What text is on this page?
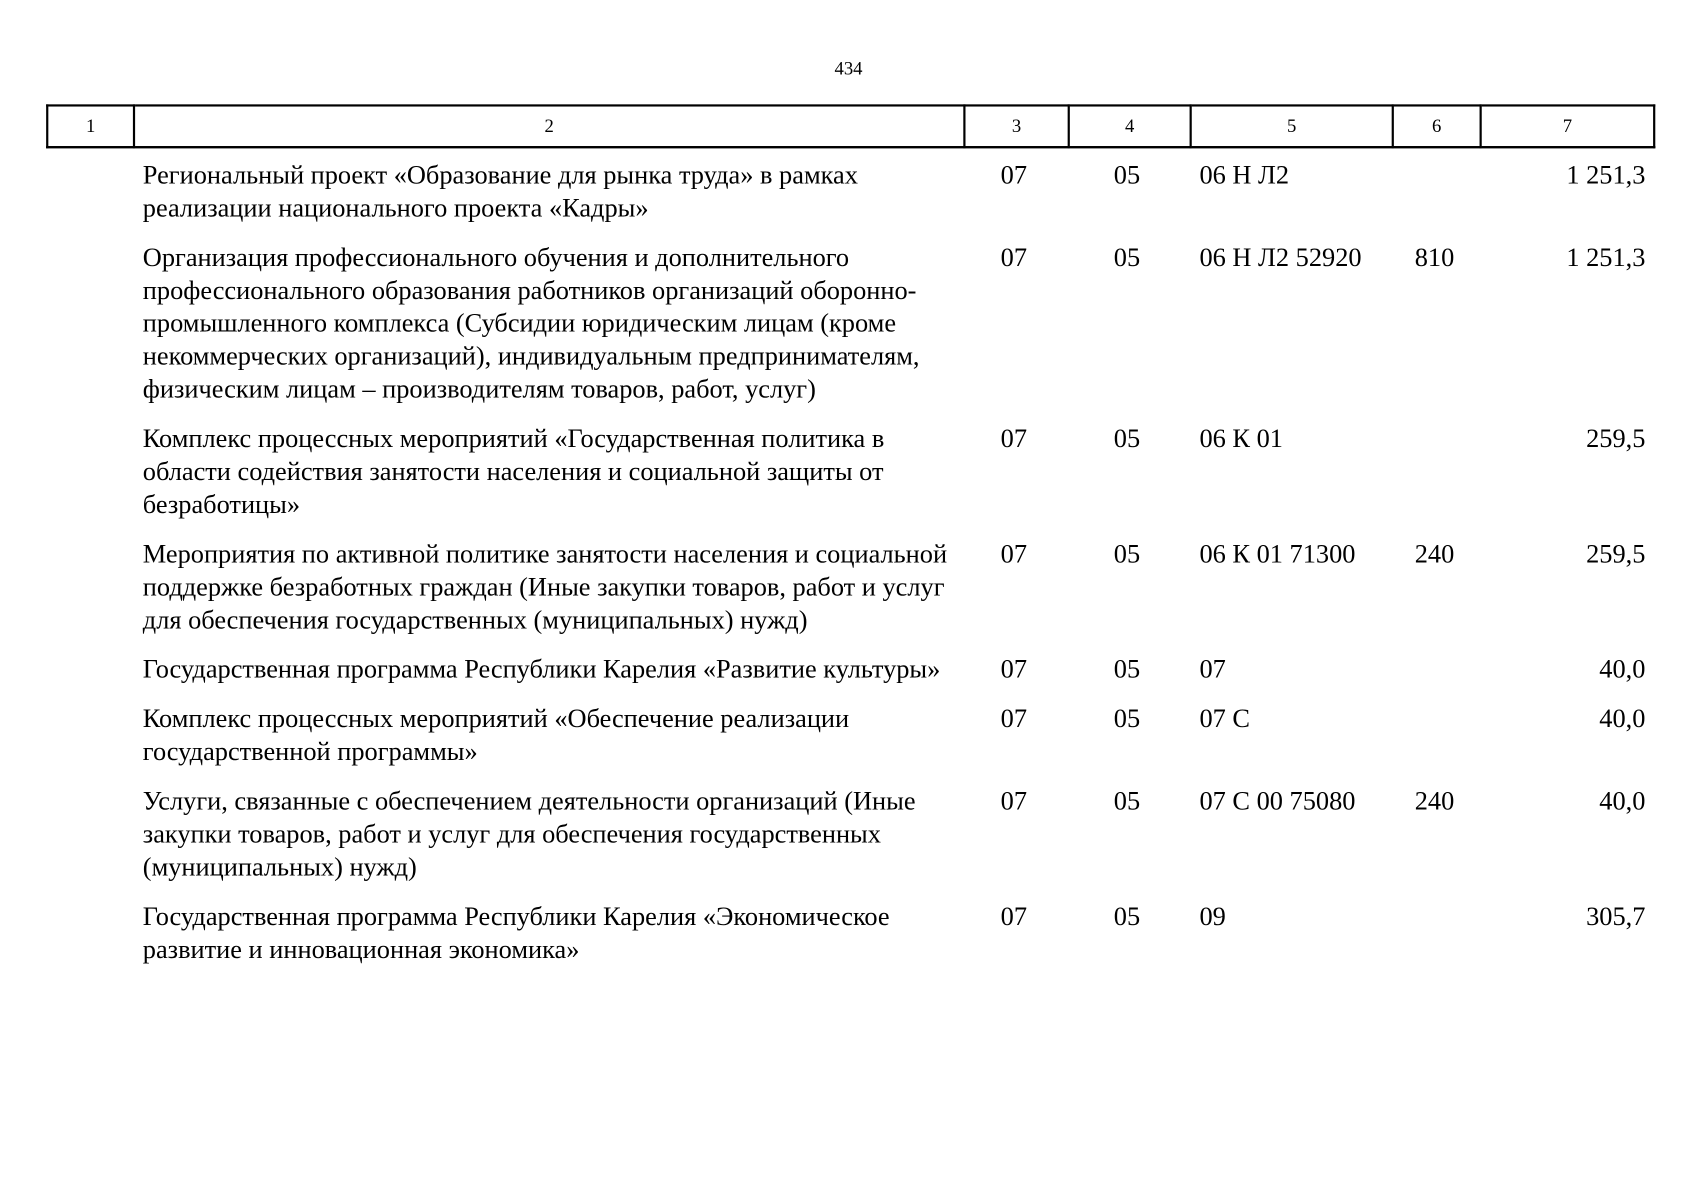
434
1	2	3	4	5	6	7
	Региональный проект «Образование для рынка труда» в рамках реализации национального проекта «Кадры»	07	05	06 Н Л2		1 251,3
	Организация профессионального обучения и дополнительного профессионального образования работников организаций оборонно-промышленного комплекса (Субсидии юридическим лицам (кроме некоммерческих организаций), индивидуальным предпринимателям, физическим лицам – производителям товаров, работ, услуг)	07	05	06 Н Л2 52920	810	1 251,3
	Комплекс процессных мероприятий «Государственная политика в области содействия занятости населения и социальной защиты от безработицы»	07	05	06 К 01		259,5
	Мероприятия по активной политике занятости населения и социальной поддержке безработных граждан (Иные закупки товаров, работ и услуг для обеспечения государственных (муниципальных) нужд)	07	05	06 К 01 71300	240	259,5
	Государственная программа Республики Карелия «Развитие культуры»	07	05	07		40,0
	Комплекс процессных мероприятий «Обеспечение реализации государственной программы»	07	05	07 С		40,0
	Услуги, связанные с обеспечением деятельности организаций (Иные закупки товаров, работ и услуг для обеспечения государственных (муниципальных) нужд)	07	05	07 С 00 75080	240	40,0
	Государственная программа Республики Карелия «Экономическое развитие и инновационная экономика»	07	05	09		305,7
